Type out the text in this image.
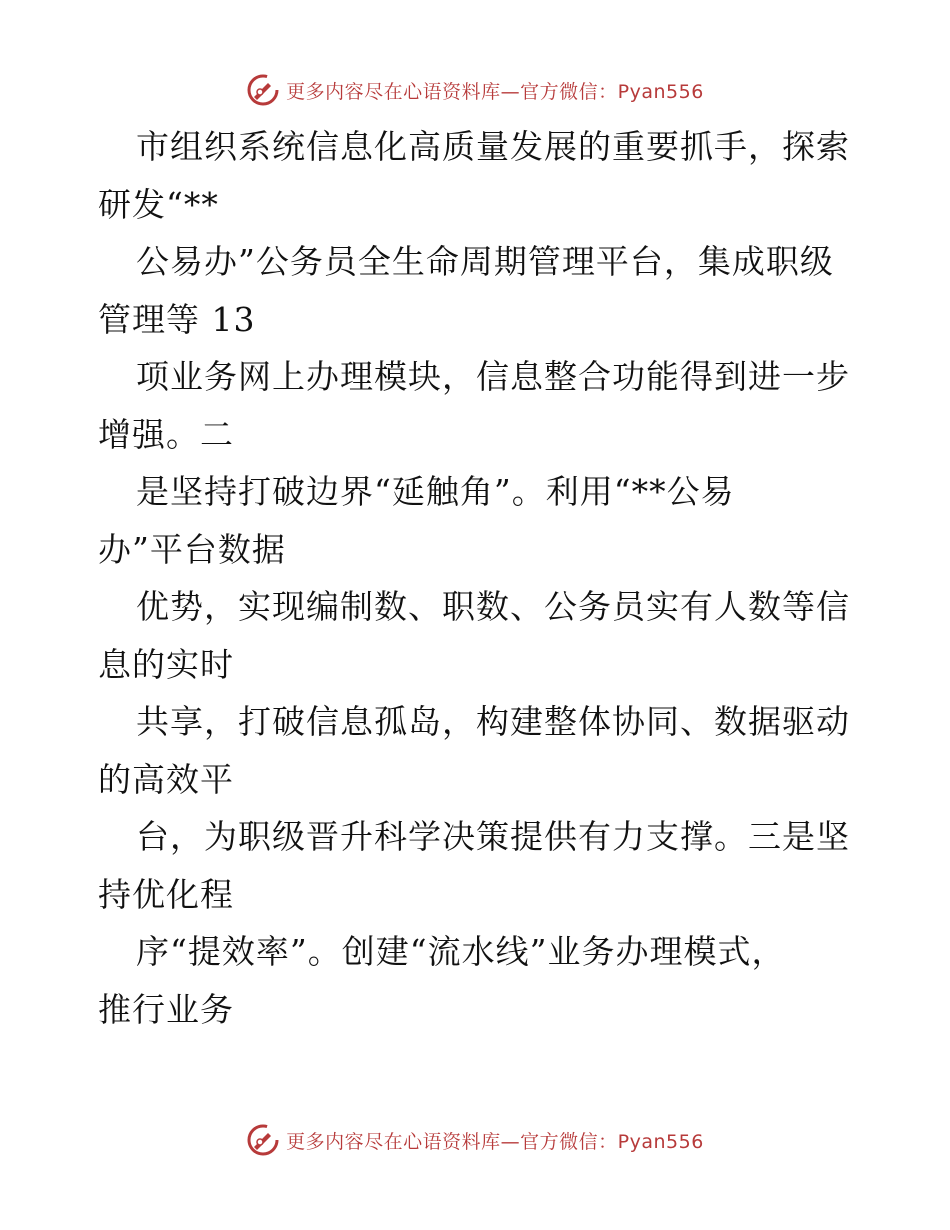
更多内容尽在心语资料库—官方微信：Pyan556
市组织系统信息化高质量发展的重要抓手，探索
研发“**
公易办”公务员全生命周期管理平台，集成职级
管理等 13
项业务网上办理模块，信息整合功能得到进一步
增强。二
是坚持打破边界“延触角”。利用“**公易
办”平台数据
优势，实现编制数、职数、公务员实有人数等信
息的实时
共享，打破信息孤岛，构建整体协同、数据驱动
的高效平
台，为职级晋升科学决策提供有力支撑。三是坚
持优化程
序“提效率”。创建“流水线”业务办理模式，
推行业务
更多内容尽在心语资料库—官方微信：Pyan556
